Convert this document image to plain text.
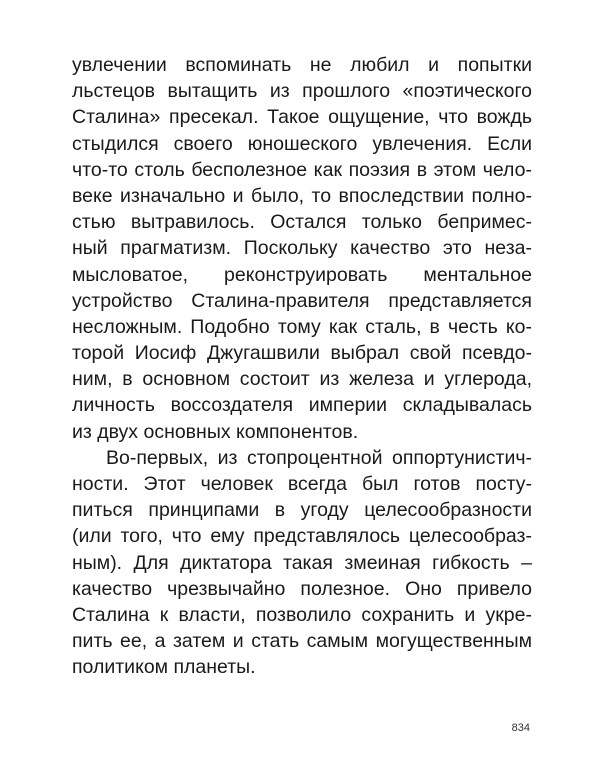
увлечении вспоминать не любил и попытки
льстецов вытащить из прошлого «поэтического
Сталина» пресекал. Такое ощущение, что вождь
стыдился своего юношеского увлечения. Если
что-то столь бесполезное как поэзия в этом чело-
веке изначально и было, то впоследствии полно-
стью вытравилось. Остался только бепримес-
ный прагматизм. Поскольку качество это неза-
мысловатое, реконструировать ментальное
устройство Сталина-правителя представляется
несложным. Подобно тому как сталь, в честь ко-
торой Иосиф Джугашвили выбрал свой псевдо-
ним, в основном состоит из железа и углерода,
личность воссоздателя империи складывалась
из двух основных компонентов.
Во-первых, из стопроцентной оппортунистич-
ности. Этот человек всегда был готов посту-
питься принципами в угоду целесообразности
(или того, что ему представлялось целесообраз-
ным). Для диктатора такая змеиная гибкость –
качество чрезвычайно полезное. Оно привело
Сталина к власти, позволило сохранить и укре-
пить ее, а затем и стать самым могущественным
политиком планеты.
834
